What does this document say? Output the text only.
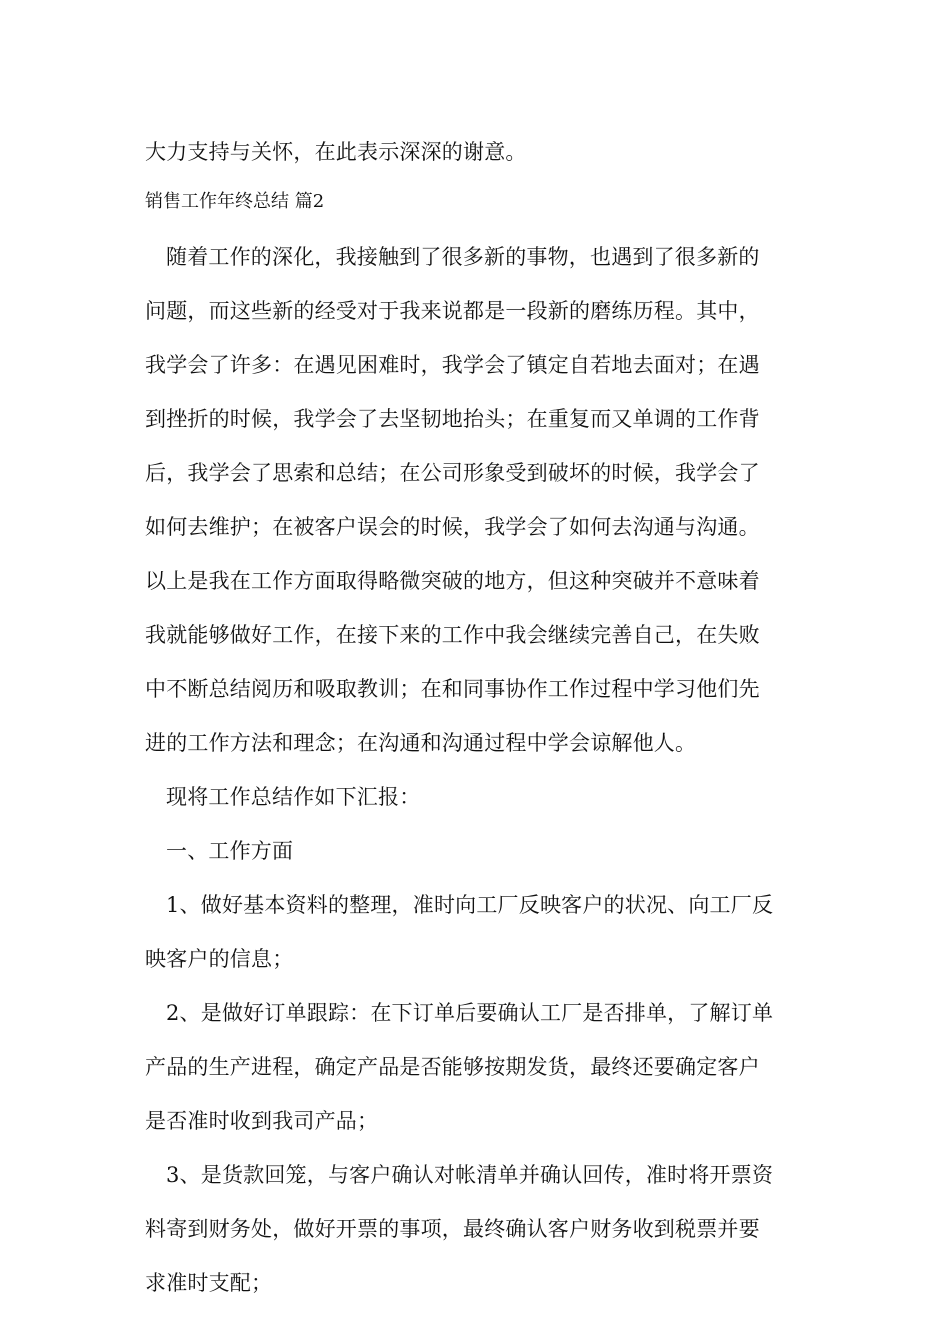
大力支持与关怀，在此表示深深的谢意。
销售工作年终总结 篇2
随着工作的深化，我接触到了很多新的事物，也遇到了很多新的
问题，而这些新的经受对于我来说都是一段新的磨练历程。其中，
我学会了许多：在遇见困难时，我学会了镇定自若地去面对；在遇
到挫折的时候，我学会了去坚韧地抬头；在重复而又单调的工作背
后，我学会了思索和总结；在公司形象受到破坏的时候，我学会了
如何去维护；在被客户误会的时候，我学会了如何去沟通与沟通。
以上是我在工作方面取得略微突破的地方，但这种突破并不意味着
我就能够做好工作，在接下来的工作中我会继续完善自己，在失败
中不断总结阅历和吸取教训；在和同事协作工作过程中学习他们先
进的工作方法和理念；在沟通和沟通过程中学会谅解他人。
现将工作总结作如下汇报：
一、工作方面
1、做好基本资料的整理，准时向工厂反映客户的状况、向工厂反
映客户的信息；
2、是做好订单跟踪：在下订单后要确认工厂是否排单，了解订单
产品的生产进程，确定产品是否能够按期发货，最终还要确定客户
是否准时收到我司产品；
3、是货款回笼，与客户确认对帐清单并确认回传，准时将开票资
料寄到财务处，做好开票的事项，最终确认客户财务收到税票并要
求准时支配；
